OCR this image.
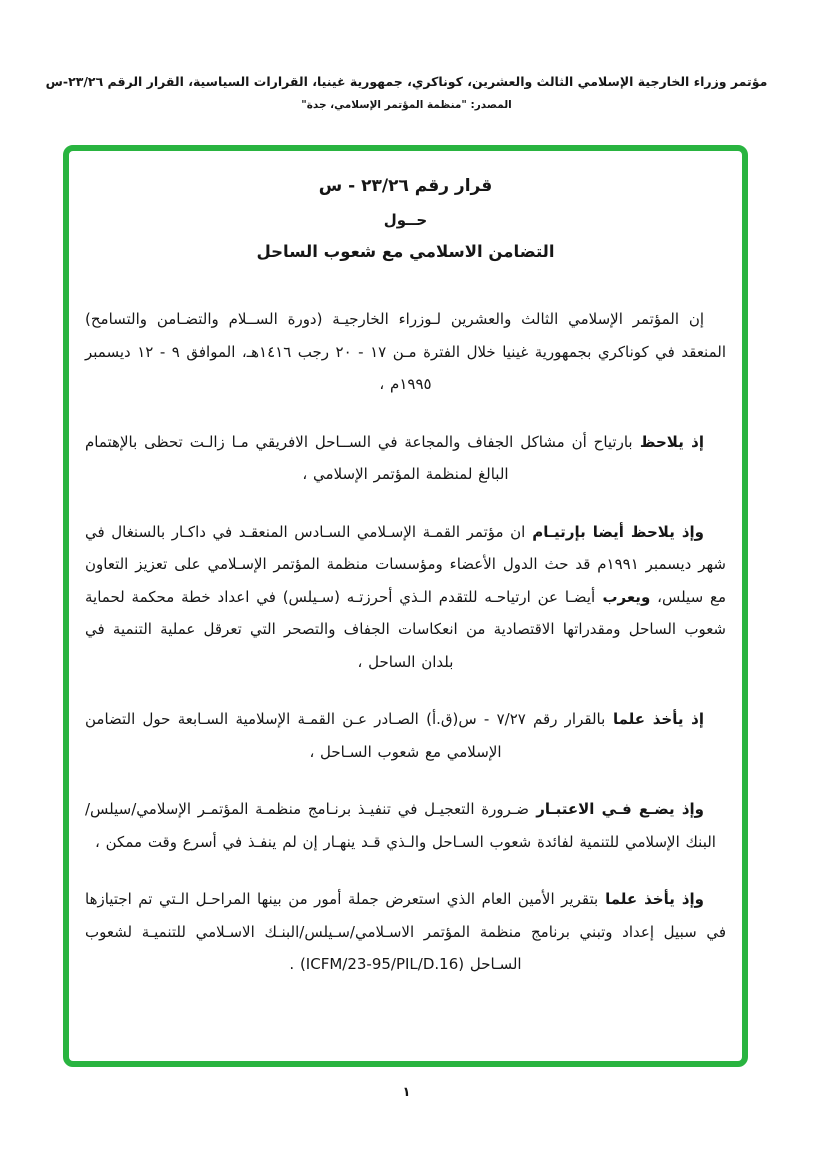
مؤتمر وزراء الخارجية الإسلامي الثالث والعشرين، كوناكري، جمهورية غينيا، القرارات السياسية، القرار الرقم ٢٣/٢٦-س
المصدر: "منظمة المؤتمر الإسلامي، جدة"
قرار رقم ٢٣/٢٦ - س
حــول
التضامن الاسلامي مع شعوب الساحل

إن المؤتمر الإسلامي الثالث والعشرين لـوزراء الخارجيـة (دورة الســلام والتضـامن والتسامح) المنعقد في كوناكري بجمهورية غينيا خلال الفترة مـن ١٧ - ٢٠ رجب ١٤١٦هـ، الموافق ٩ - ١٢ ديسمبر ١٩٩٥م ،

إذ يلاحظ بارتياح أن مشاكل الجفاف والمجاعة في الســاحل الافريقي مـا زالـت تحظى بالإهتمام البالغ لمنظمة المؤتمر الإسلامي ،

وإذ يلاحظ أيضا بإرتيـام ان مؤتمر القمـة الإسـلامي السـادس المنعقـد في داكـار بالسنغال في شهر ديسمبر ١٩٩١م قد حث الدول الأعضاء ومؤسسات منظمة المؤتمر الإسـلامي على تعزيز التعاون مع سيلس، ويعرب أيضـا عن ارتياحـه للتقدم الـذي أحرزتـه (سـيلس) في اعداد خطة محكمة لحماية شعوب الساحل ومقدراتها الاقتصادية من انعكاسات الجفاف والتصحر التي تعرقل عملية التنمية في بلدان الساحل ،

إذ يأخذ علما بالقرار رقم ٧/٢٧ - س(ق.أ) الصـادر عـن القمـة الإسلامية السـابعة حول التضامن الإسلامي مع شعوب السـاحل ،

وإذ يضـع فـي الاعتبـار ضـرورة التعجيـل في تنفيـذ برنـامج منظمـة المؤتمـر الإسلامي/سيلس/البنك الإسلامي للتنمية لفائدة شعوب السـاحل والـذي قـد ينهـار إن لم ينفـذ في أسرع وقت ممكن ،

وإذ يأخذ علما بتقرير الأمين العام الذي استعرض جملة أمور من بينها المراحـل الـتي تم اجتيازها في سبيل إعداد وتبني برنامج منظمة المؤتمر الاسـلامي/سـيلس/البنـك الاسـلامي للتنميـة لشعوب السـاحل (ICFM/23-95/PIL/D.16) .

١
